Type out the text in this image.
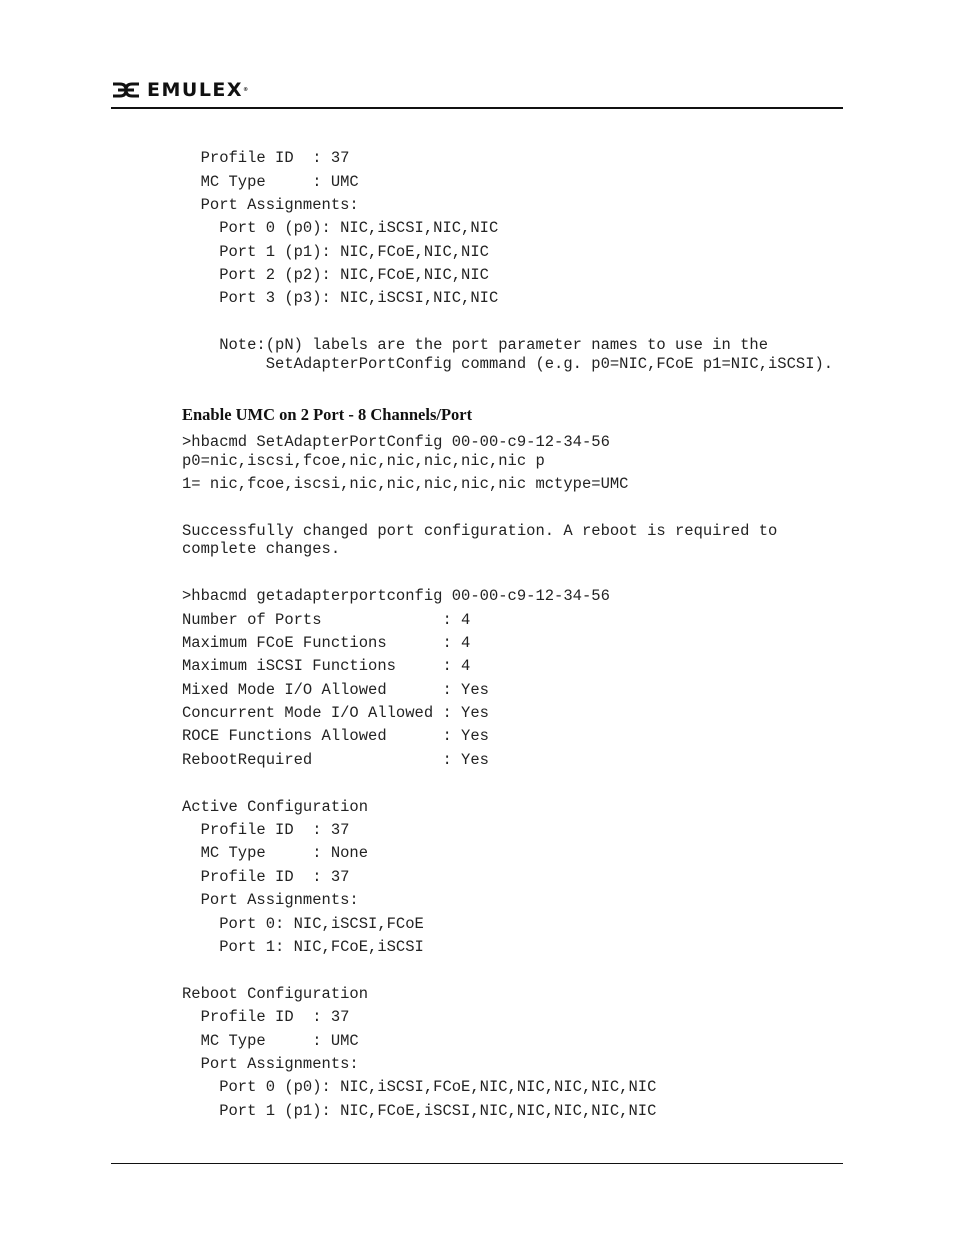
EMULEX®
Enable UMC on 2 Port - 8 Channels/Port
Profile ID  : 37
MC Type     : UMC
Port Assignments:
Port 0 (p0): NIC,iSCSI,NIC,NIC
Port 1 (p1): NIC,FCoE,NIC,NIC
Port 2 (p2): NIC,FCoE,NIC,NIC
Port 3 (p3): NIC,iSCSI,NIC,NIC
Note:(pN) labels are the port parameter names to use in the
SetAdapterPortConfig command (e.g. p0=NIC,FCoE p1=NIC,iSCSI).
>hbacmd SetAdapterPortConfig 00-00-c9-12-34-56
p0=nic,iscsi,fcoe,nic,nic,nic,nic,nic p
1= nic,fcoe,iscsi,nic,nic,nic,nic,nic mctype=UMC
Successfully changed port configuration. A reboot is required to
complete changes.
>hbacmd getadapterportconfig 00-00-c9-12-34-56
Number of Ports             : 4
Maximum FCoE Functions      : 4
Maximum iSCSI Functions     : 4
Mixed Mode I/O Allowed      : Yes
Concurrent Mode I/O Allowed : Yes
ROCE Functions Allowed      : Yes
RebootRequired              : Yes
Active Configuration
Profile ID  : 37
MC Type     : None
Profile ID  : 37
Port Assignments:
Port 0: NIC,iSCSI,FCoE
Port 1: NIC,FCoE,iSCSI
Reboot Configuration
Profile ID  : 37
MC Type     : UMC
Port Assignments:
Port 0 (p0): NIC,iSCSI,FCoE,NIC,NIC,NIC,NIC,NIC
Port 1 (p1): NIC,FCoE,iSCSI,NIC,NIC,NIC,NIC,NIC
